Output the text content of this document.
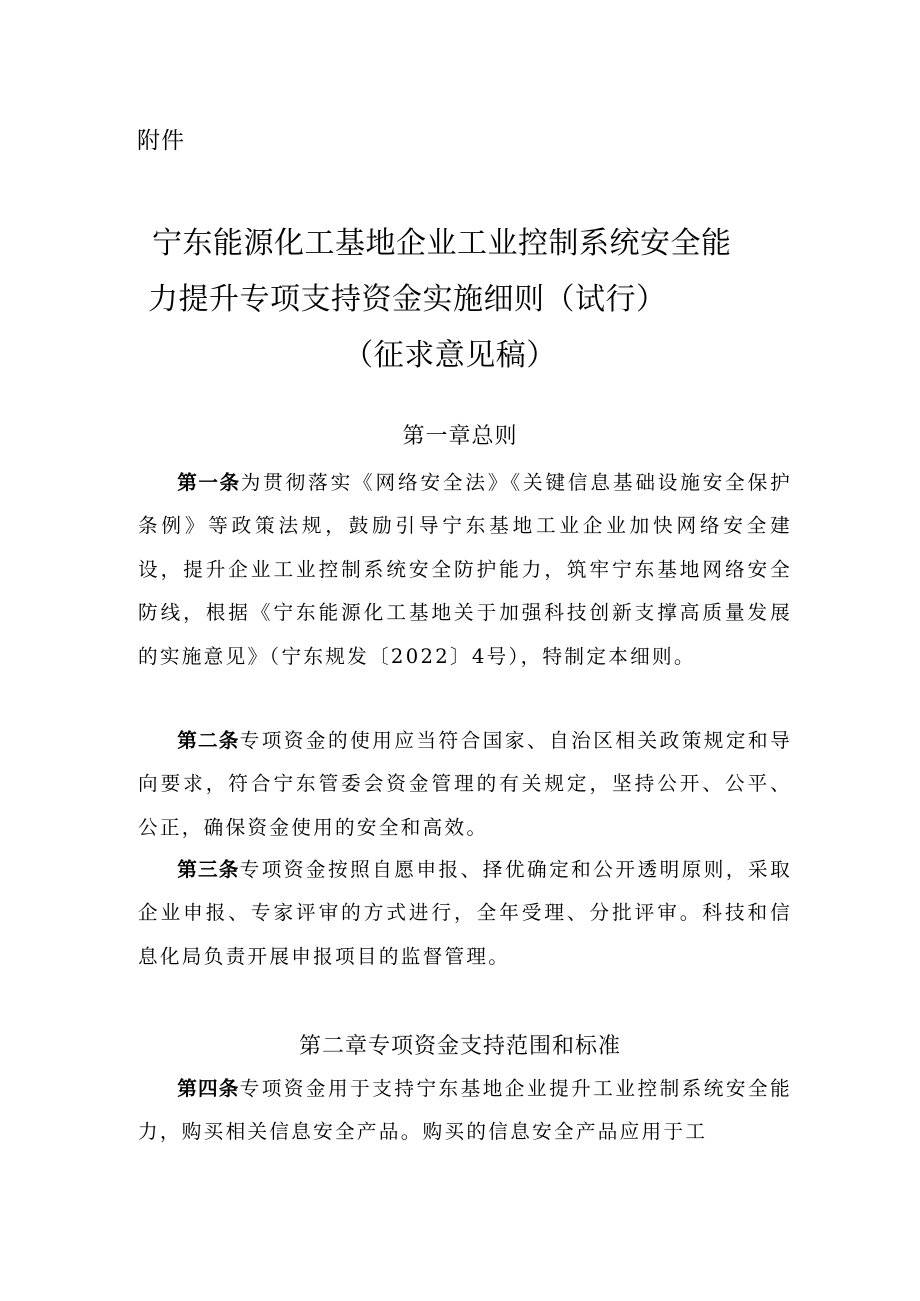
附件
宁东能源化工基地企业工业控制系统安全能
力提升专项支持资金实施细则（试行）
（征求意见稿）
第一章总则

第一条为贯彻落实《网络安全法》《关键信息基础设施安全保护条例》等政策法规，鼓励引导宁东基地工业企业加快网络安全建设，提升企业工业控制系统安全防护能力，筑牢宁东基地网络安全防线，根据《宁东能源化工基地关于加强科技创新支撑高质量发展的实施意见》（宁东规发〔2022〕4号），特制定本细则。

第二条专项资金的使用应当符合国家、自治区相关政策规定和导向要求，符合宁东管委会资金管理的有关规定，坚持公开、公平、公正，确保资金使用的安全和高效。

第三条专项资金按照自愿申报、择优确定和公开透明原则，采取企业申报、专家评审的方式进行，全年受理、分批评审。科技和信息化局负责开展申报项目的监督管理。

第二章专项资金支持范围和标准

第四条专项资金用于支持宁东基地企业提升工业控制系统安全能力，购买相关信息安全产品。购买的信息安全产品应用于工
